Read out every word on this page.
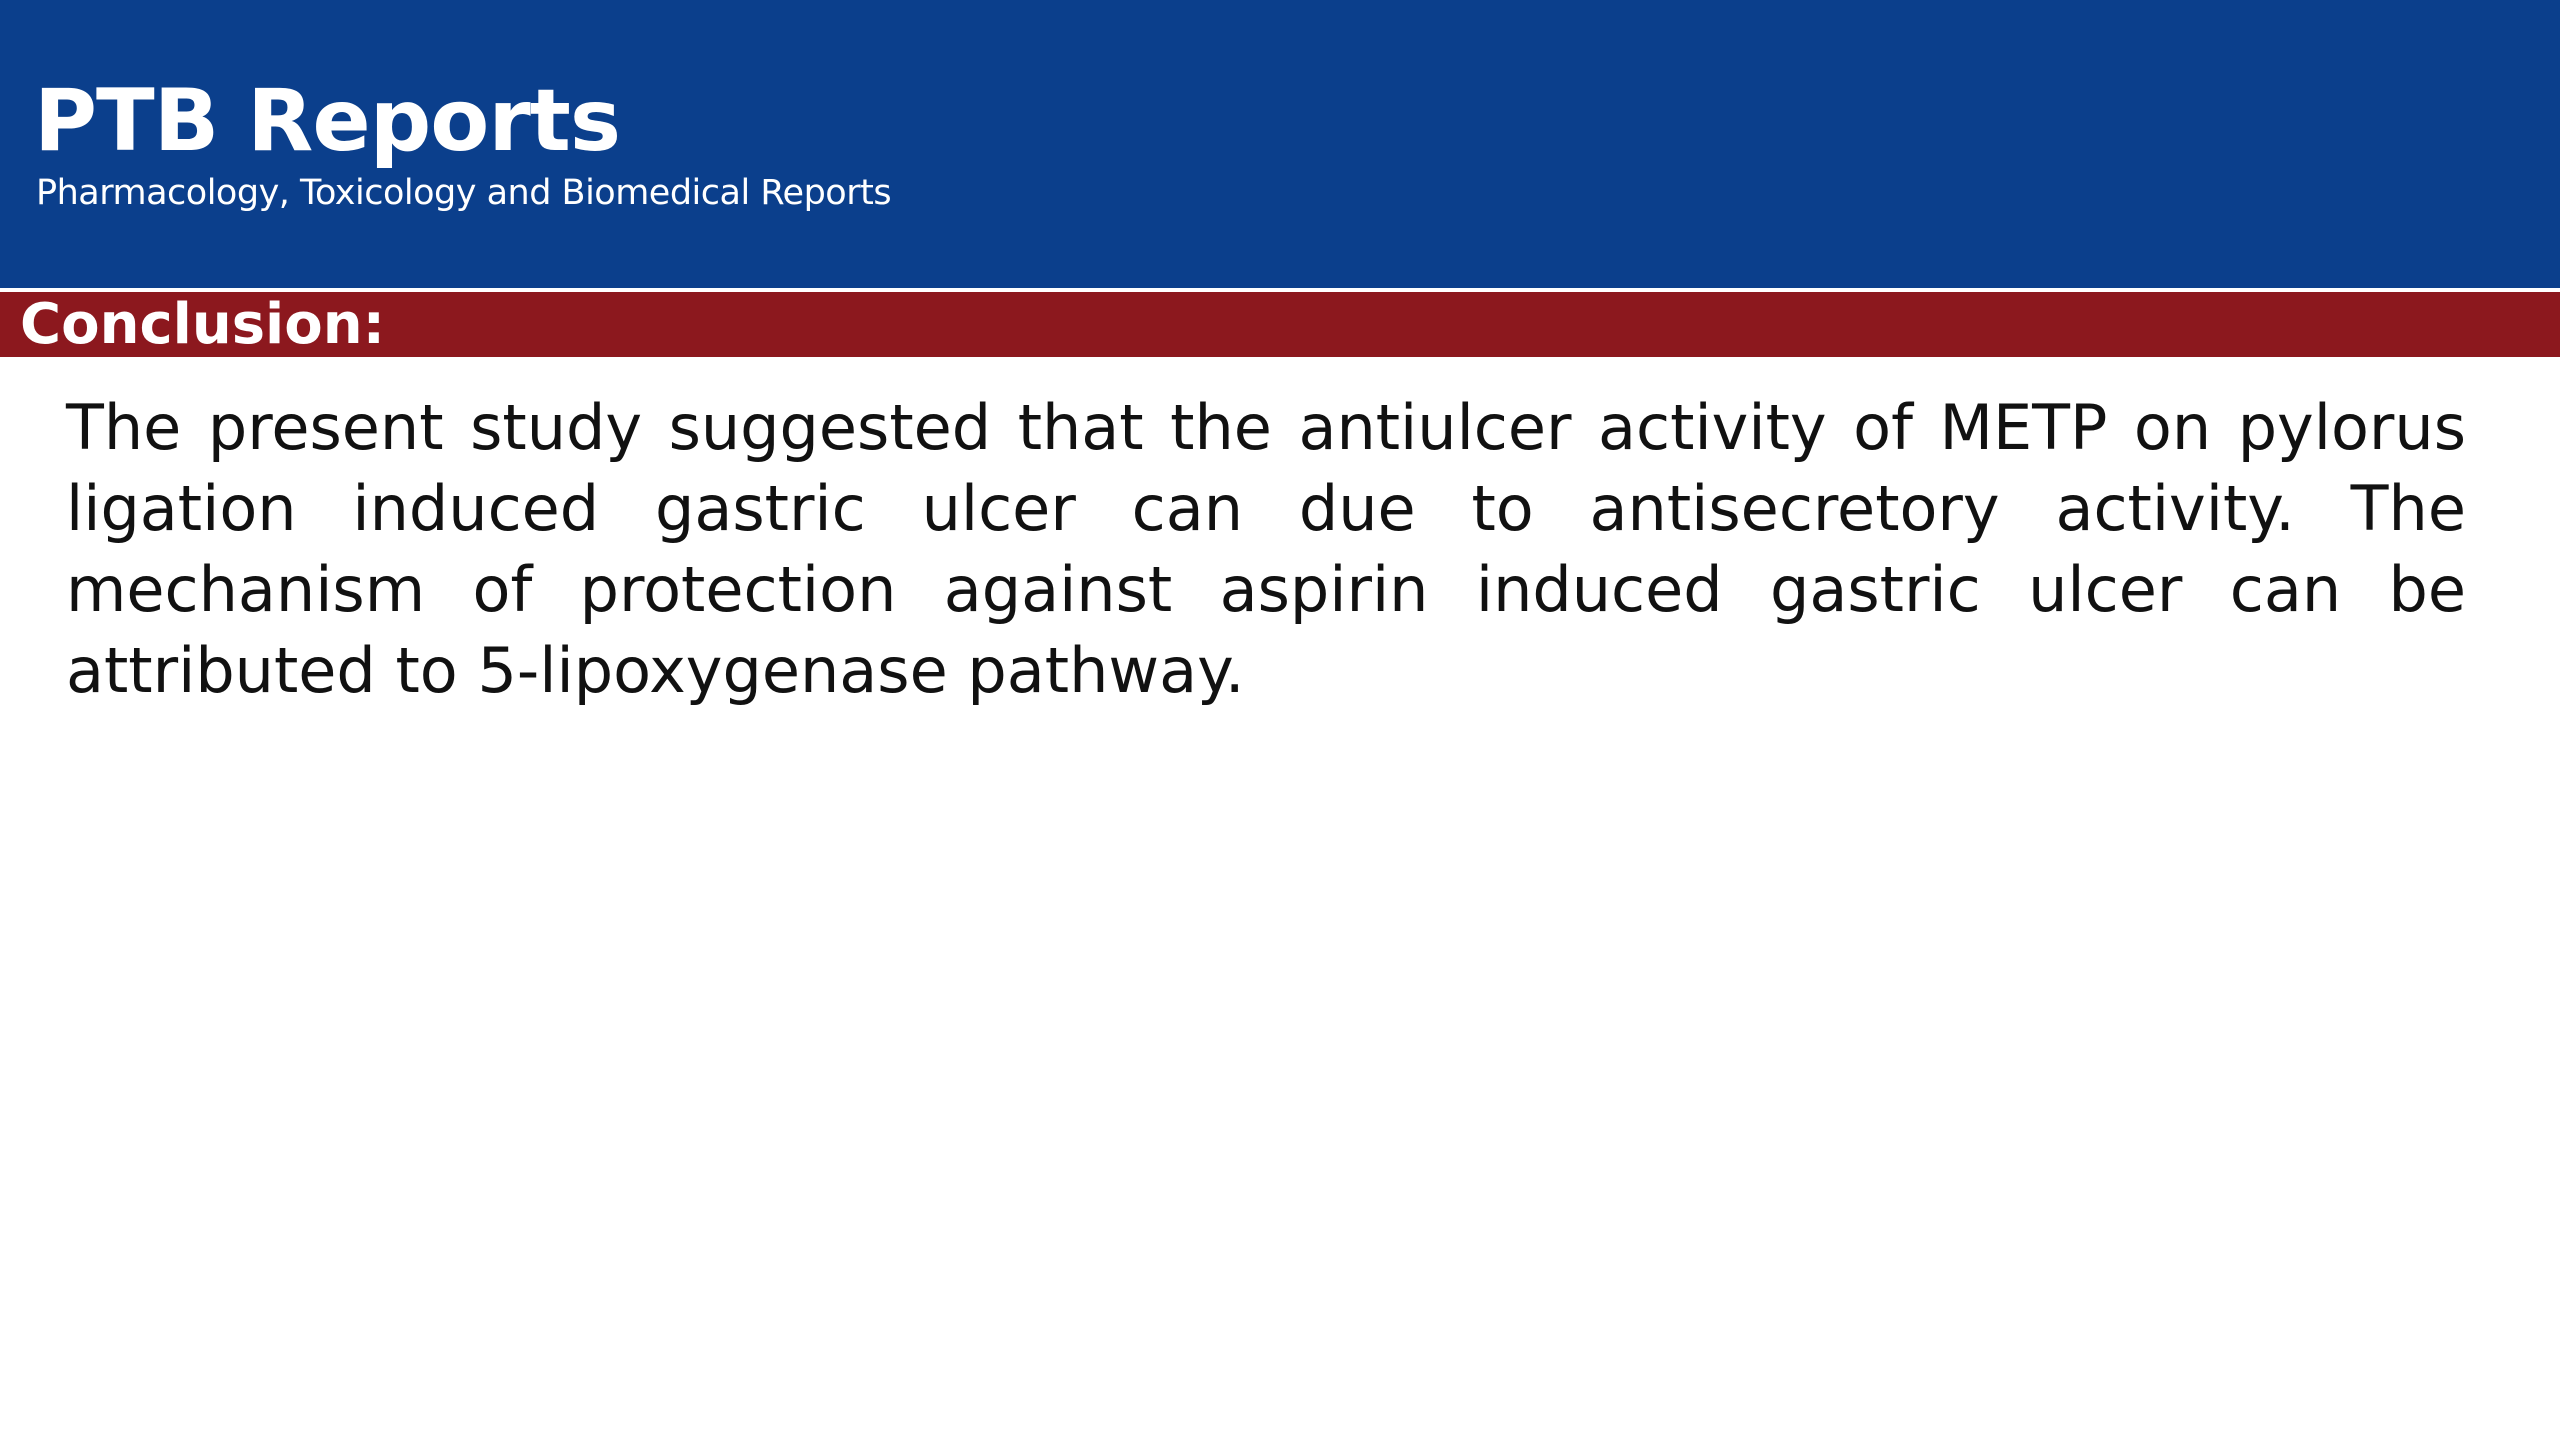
PTB Reports

Pharmacology, Toxicology and Biomedical Reports

Conclusion:

The present study suggested that the antiulcer activity of METP on pylorus ligation induced gastric ulcer can due to antisecretory activity. The mechanism of protection against aspirin induced gastric ulcer can be attributed to 5-lipoxygenase pathway.
